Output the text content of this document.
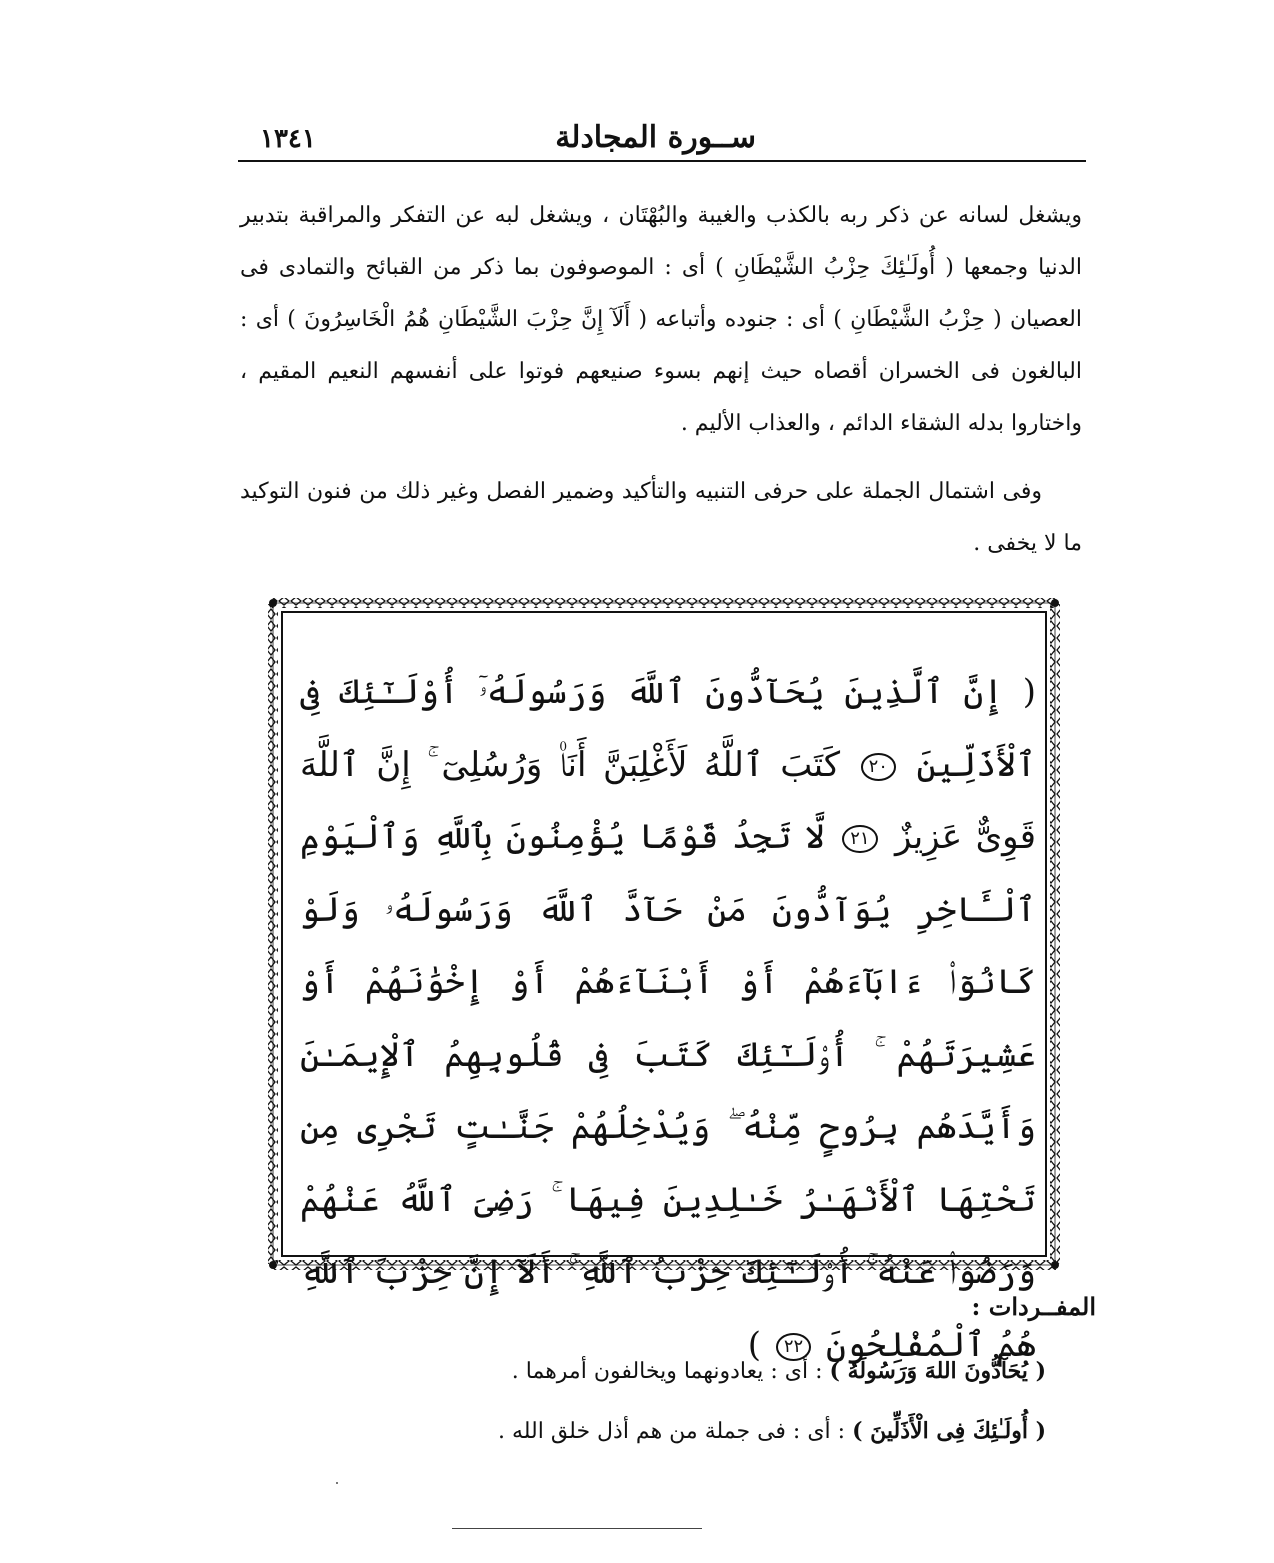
ســورة المجادلة
١٣٤١
ويشغل لسانه عن ذكر ربه بالكذب والغيبة والبُهْتَان ، ويشغل لبه عن التفكر والمراقبة بتدبير الدنيا وجمعها ( أُولَـٰئِكَ حِزْبُ الشَّيْطَانِ ) أى : الموصوفون بما ذكر من القبائح والتمادى فى العصيان ( حِزْبُ الشَّيْطَانِ ) أى : جنوده وأتباعه ( أَلَآ إِنَّ حِزْبَ الشَّيْطَانِ هُمُ الْخَاسِرُونَ ) أى : البالغون فى الخسران أقصاه حيث إنهم بسوء صنيعهم فوتوا على أنفسهم النعيم المقيم ، واختاروا بدله الشقاء الدائم ، والعذاب الأليم .
وفى اشتمال الجملة على حرفى التنبيه والتأكيد وضمير الفصل وغير ذلك من فنون التوكيد ما لا يخفى .
( إِنَّ ٱلَّذِينَ يُحَآدُّونَ ٱللَّهَ وَرَسُولَهُۥٓ أُوْلَـٰٓئِكَ فِى ٱلْأَذَلِّينَ ٢٠ كَتَبَ ٱللَّهُ لَأَغْلِبَنَّ أَنَا۠ وَرُسُلِىٓ ۚ إِنَّ ٱللَّهَ قَوِىٌّ عَزِيزٌ ٢١ لَّا تَجِدُ قَوْمًا يُؤْمِنُونَ بِٱللَّهِ وَٱلْيَوْمِ ٱلْـَٔاخِرِ يُوَآدُّونَ مَنْ حَآدَّ ٱللَّهَ وَرَسُولَهُۥ وَلَوْ كَانُوٓا۟ ءَابَآءَهُمْ أَوْ أَبْنَآءَهُمْ أَوْ إِخْوَٰنَهُمْ أَوْ عَشِيرَتَهُمْ ۚ أُو۟لَـٰٓئِكَ كَتَبَ فِى قُلُوبِهِمُ ٱلْإِيمَـٰنَ وَأَيَّدَهُم بِرُوحٍ مِّنْهُ ۖ وَيُدْخِلُهُمْ جَنَّـٰتٍ تَجْرِى مِن تَحْتِهَا ٱلْأَنْهَـٰرُ خَـٰلِدِينَ فِيهَا ۚ رَضِىَ ٱللَّهُ عَنْهُمْ وَرَضُوا۟ عَنْهُ ۚ أُو۟لَـٰٓئِكَ حِزْبُ ٱللَّهِ ۚ أَلَآ إِنَّ حِزْبَ ٱللَّهِ هُمُ ٱلْمُفْلِحُونَ ٢٢ )
المفــردات :
( يُحَآدُّونَ اللهَ وَرَسُولَهُ ) : أى : يعادونهما ويخالفون أمرهما .
( أُولَـٰئِكَ فِى الْأَذَلِّينَ ) : أى : فى جملة من هم أذل خلق الله .
